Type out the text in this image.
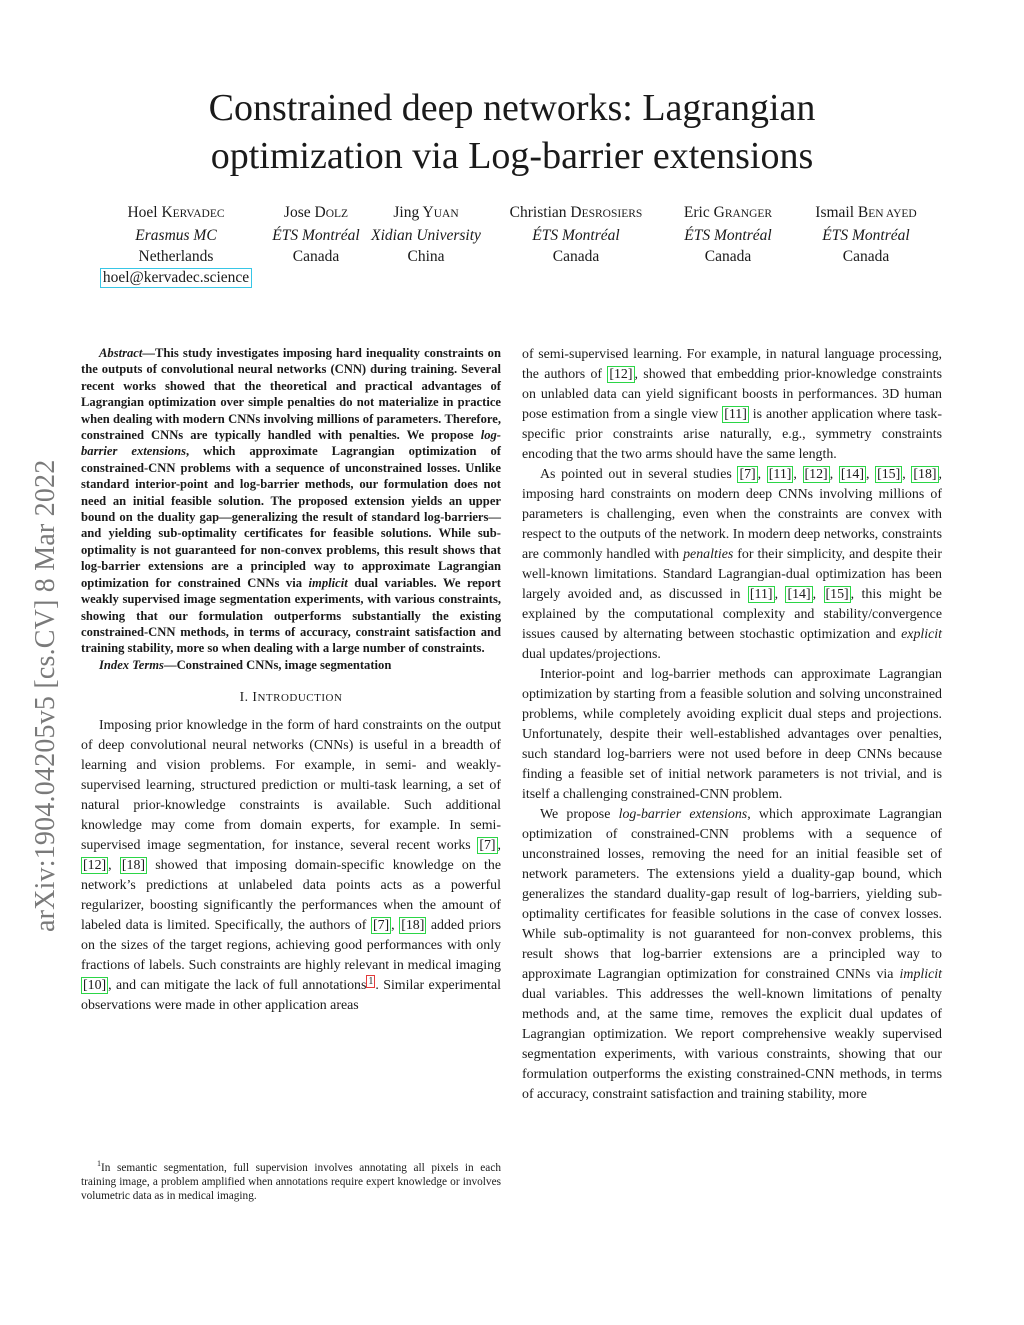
Constrained deep networks: Lagrangian
optimization via Log-barrier extensions
Hoel KERVADEC
Erasmus MC
Netherlands
hoel@kervadec.science
Jose DOLZ
ÉTS Montréal
Canada
Jing YUAN
Xidian University
China
Christian DESROSIERS
ÉTS Montréal
Canada
Eric GRANGER
ÉTS Montréal
Canada
Ismail BEN AYED
ÉTS Montréal
Canada
arXiv:1904.04205v5 [cs.CV] 8 Mar 2022

Abstract—This study investigates imposing hard inequality constraints on the outputs of convolutional neural networks (CNN) during training. Several recent works showed that the theoretical and practical advantages of Lagrangian optimization over simple penalties do not materialize in practice when dealing with modern CNNs involving millions of parameters. Therefore, constrained CNNs are typically handled with penalties. We propose log-barrier extensions, which approximate Lagrangian optimization of constrained-CNN problems with a sequence of unconstrained losses. Unlike standard interior-point and log-barrier methods, our formulation does not need an initial feasible solution. The proposed extension yields an upper bound on the duality gap—generalizing the result of standard log-barriers—and yielding sub-optimality certificates for feasible solutions. While sub-optimality is not guaranteed for non-convex problems, this result shows that log-barrier extensions are a principled way to approximate Lagrangian optimization for constrained CNNs via implicit dual variables. We report weakly supervised image segmentation experiments, with various constraints, showing that our formulation outperforms substantially the existing constrained-CNN methods, in terms of accuracy, constraint satisfaction and training stability, more so when dealing with a large number of constraints.

Index Terms—Constrained CNNs, image segmentation

I. INTRODUCTION

Imposing prior knowledge in the form of hard constraints on the output of deep convolutional neural networks (CNNs) is useful in a breadth of learning and vision problems. For example, in semi- and weakly-supervised learning, structured prediction or multi-task learning, a set of natural prior-knowledge constraints is available. Such additional knowledge may come from domain experts, for example. In semi-supervised image segmentation, for instance, several recent works [7] , [12] , [18] showed that imposing domain-specific knowledge on the network’s predictions at unlabeled data points acts as a powerful regularizer, boosting significantly the performances when the amount of labeled data is limited. Specifically, the authors of [7] , [18] added priors on the sizes of the target regions, achieving good performances with only fractions of labels. Such constraints are highly relevant in medical imaging [10] , and can mitigate the lack of full annotations $^1$ . Similar experimental observations were made in other application areas

$^1$In semantic segmentation, full supervision involves annotating all pixels in each training image, a problem amplified when annotations require expert knowledge or involves volumetric data as in medical imaging.

of semi-supervised learning. For example, in natural language processing, the authors of [12] , showed that embedding prior-knowledge constraints on unlabled data can yield significant boosts in performances. 3D human pose estimation from a single view [11] is another application where task-specific prior constraints arise naturally, e.g., symmetry constraints encoding that the two arms should have the same length.

As pointed out in several studies [7] , [11] , [12] , [14] , [15] , [18] , imposing hard constraints on modern deep CNNs involving millions of parameters is challenging, even when the constraints are convex with respect to the outputs of the network. In modern deep networks, constraints are commonly handled with penalties for their simplicity, and despite their well-known limitations. Standard Lagrangian-dual optimization has been largely avoided and, as discussed in [11] , [14] , [15] , this might be explained by the computational complexity and stability/convergence issues caused by alternating between stochastic optimization and explicit dual updates/projections.

Interior-point and log-barrier methods can approximate Lagrangian optimization by starting from a feasible solution and solving unconstrained problems, while completely avoiding explicit dual steps and projections. Unfortunately, despite their well-established advantages over penalties, such standard log-barriers were not used before in deep CNNs because finding a feasible set of initial network parameters is not trivial, and is itself a challenging constrained-CNN problem.

We propose log-barrier extensions, which approximate Lagrangian optimization of constrained-CNN problems with a sequence of unconstrained losses, removing the need for an initial feasible set of network parameters. The extensions yield a duality-gap bound, which generalizes the standard duality-gap result of log-barriers, yielding sub-optimality certificates for feasible solutions in the case of convex losses. While sub-optimality is not guaranteed for non-convex problems, this result shows that log-barrier extensions are a principled way to approximate Lagrangian optimization for constrained CNNs via implicit dual variables. This addresses the well-known limitations of penalty methods and, at the same time, removes the explicit dual updates of Lagrangian optimization. We report comprehensive weakly supervised segmentation experiments, with various constraints, showing that our formulation outperforms the existing constrained-CNN methods, in terms of accuracy, constraint satisfaction and training stability, more
